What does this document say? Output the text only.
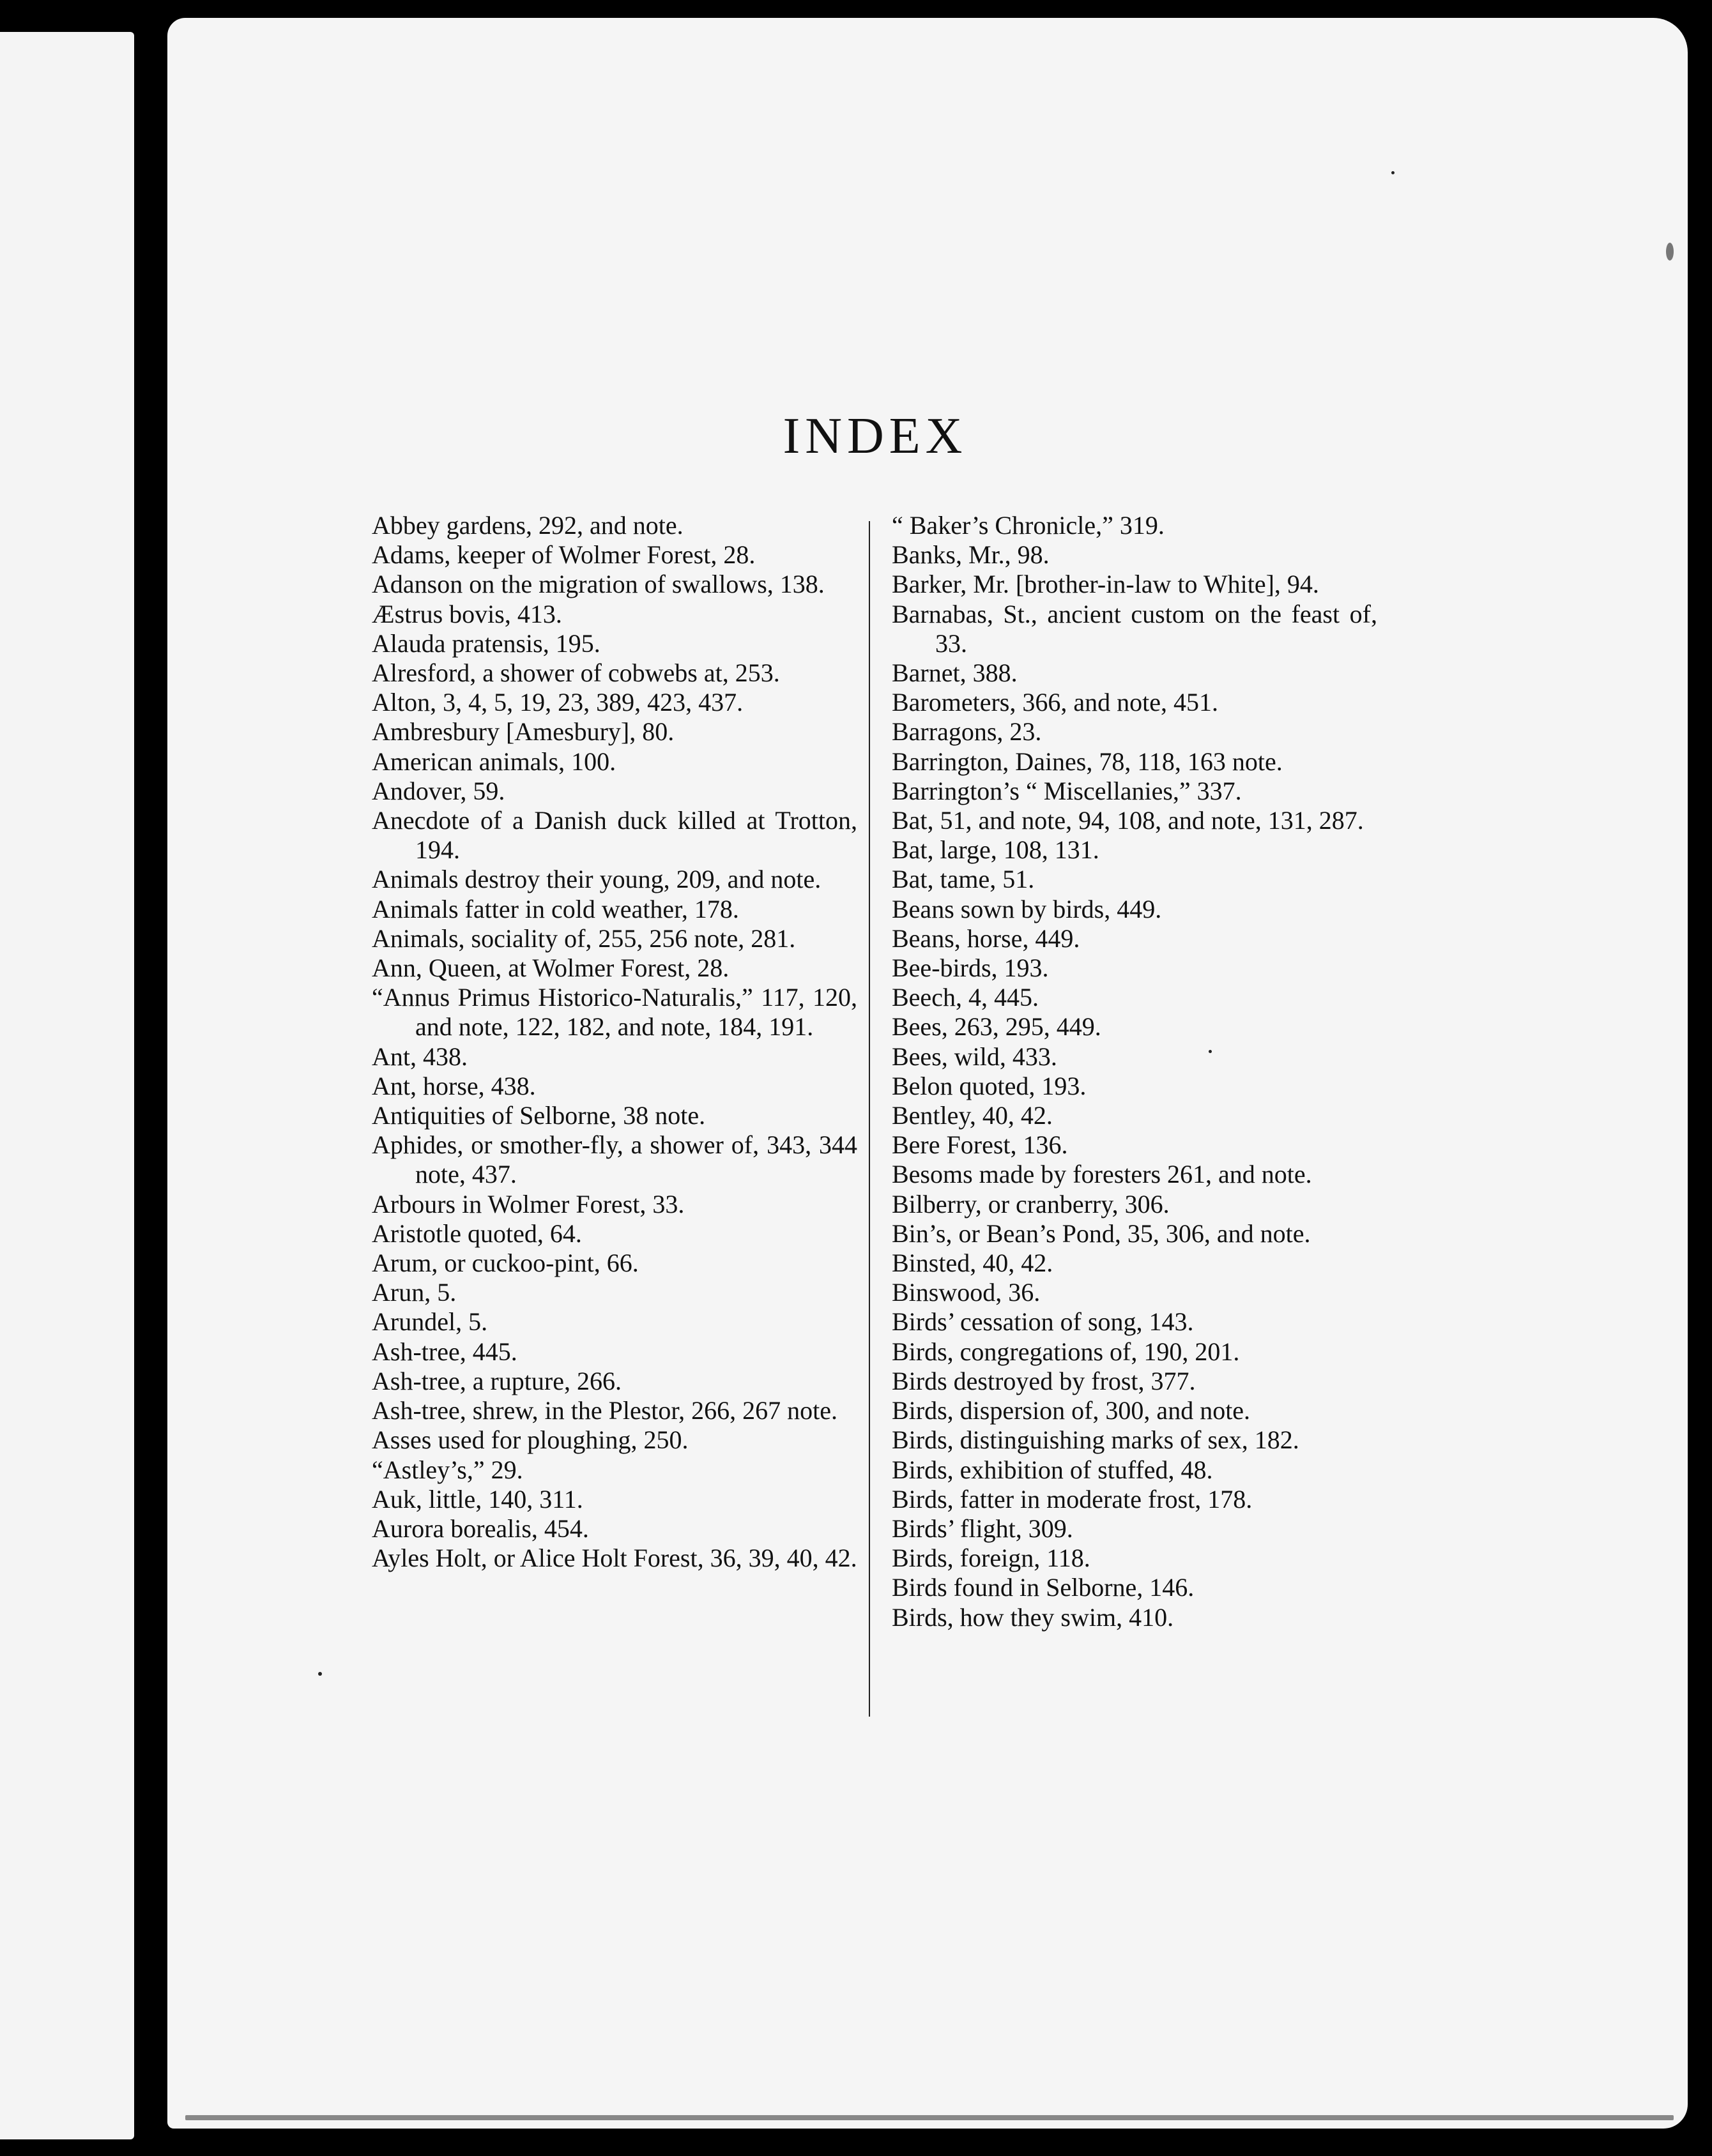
INDEX

Abbey gardens, 292, and note.

Adams, keeper of Wolmer Forest, 28.

Adanson on the migration of swallows, 138.

Æstrus bovis, 413.

Alauda pratensis, 195.

Alresford, a shower of cobwebs at, 253.

Alton, 3, 4, 5, 19, 23, 389, 423, 437.

Ambresbury [Amesbury], 80.

American animals, 100.

Andover, 59.

Anecdote of a Danish duck killed at Trotton, 194.

Animals destroy their young, 209, and note.

Animals fatter in cold weather, 178.

Animals, sociality of, 255, 256 note, 281.

Ann, Queen, at Wolmer Forest, 28.

“Annus Primus Historico-Naturalis,” 117, 120, and note, 122, 182, and note, 184, 191.

Ant, 438.

Ant, horse, 438.

Antiquities of Selborne, 38 note.

Aphides, or smother-fly, a shower of, 343, 344 note, 437.

Arbours in Wolmer Forest, 33.

Aristotle quoted, 64.

Arum, or cuckoo-pint, 66.

Arun, 5.

Arundel, 5.

Ash-tree, 445.

Ash-tree, a rupture, 266.

Ash-tree, shrew, in the Plestor, 266, 267 note.

Asses used for ploughing, 250.

“Astley’s,” 29.

Auk, little, 140, 311.

Aurora borealis, 454.

Ayles Holt, or Alice Holt Forest, 36, 39, 40, 42.

“ Baker’s Chronicle,” 319.

Banks, Mr., 98.

Barker, Mr. [brother-in-law to White], 94.

Barnabas, St., ancient custom on the feast of, 33.

Barnet, 388.

Barometers, 366, and note, 451.

Barragons, 23.

Barrington, Daines, 78, 118, 163 note.

Barrington’s “ Miscellanies,” 337.

Bat, 51, and note, 94, 108, and note, 131, 287.

Bat, large, 108, 131.

Bat, tame, 51.

Beans sown by birds, 449.

Beans, horse, 449.

Bee-birds, 193.

Beech, 4, 445.

Bees, 263, 295, 449.

Bees, wild, 433.

Belon quoted, 193.

Bentley, 40, 42.

Bere Forest, 136.

Besoms made by foresters 261, and note.

Bilberry, or cranberry, 306.

Bin’s, or Bean’s Pond, 35, 306, and note.

Binsted, 40, 42.

Binswood, 36.

Birds’ cessation of song, 143.

Birds, congregations of, 190, 201.

Birds destroyed by frost, 377.

Birds, dispersion of, 300, and note.

Birds, distinguishing marks of sex, 182.

Birds, exhibition of stuffed, 48.

Birds, fatter in moderate frost, 178.

Birds’ flight, 309.

Birds, foreign, 118.

Birds found in Selborne, 146.

Birds, how they swim, 410.
